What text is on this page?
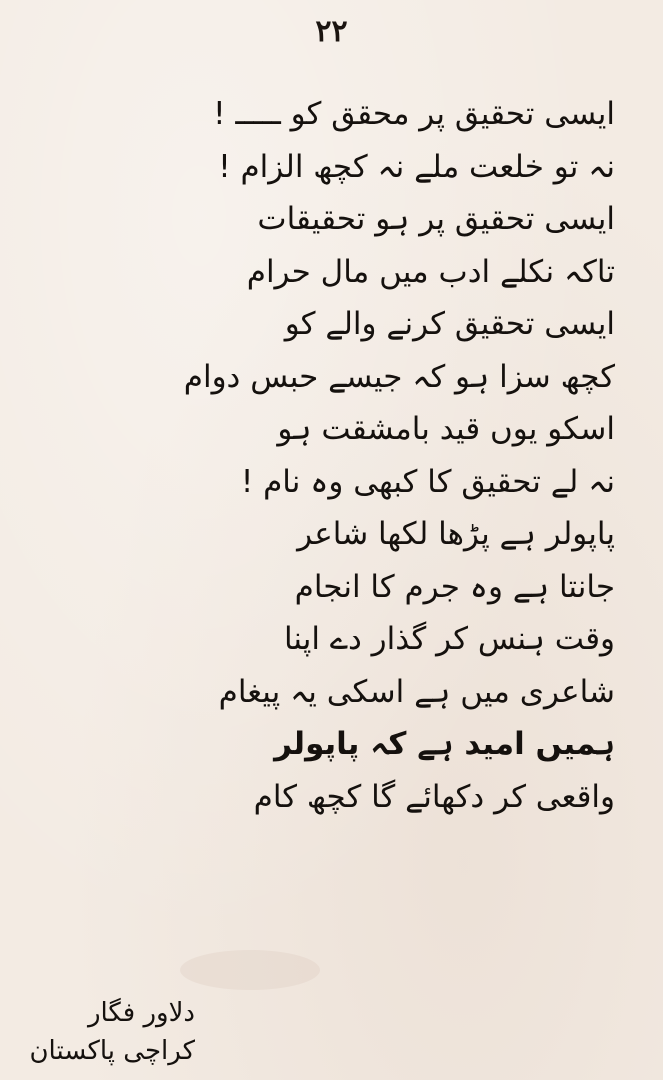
۲۲
ایسی تحقیق پر محقق کو ـــــ !
نہ تو خلعت ملے نہ کچھ الزام !
ایسی تحقیق پر ہو تحقیقات
تاکہ نکلے ادب میں مال حرام
ایسی تحقیق کرنے والے کو
کچھ سزا ہو کہ جیسے حبس دوام
اسکو یوں قید بامشقت ہو
نہ لے تحقیق کا کبھی وہ نام !
پاپولر ہے پڑھا لکھا شاعر
جانتا ہے وہ جرم کا انجام
وقت ہنس کر گذار دے اپنا
شاعری میں ہے اسکی یہ پیغام
ہمیں امید ہے کہ پاپولر
واقعی کر دکھائے گا کچھ کام
دلاور فگار
کراچی پاکستان
